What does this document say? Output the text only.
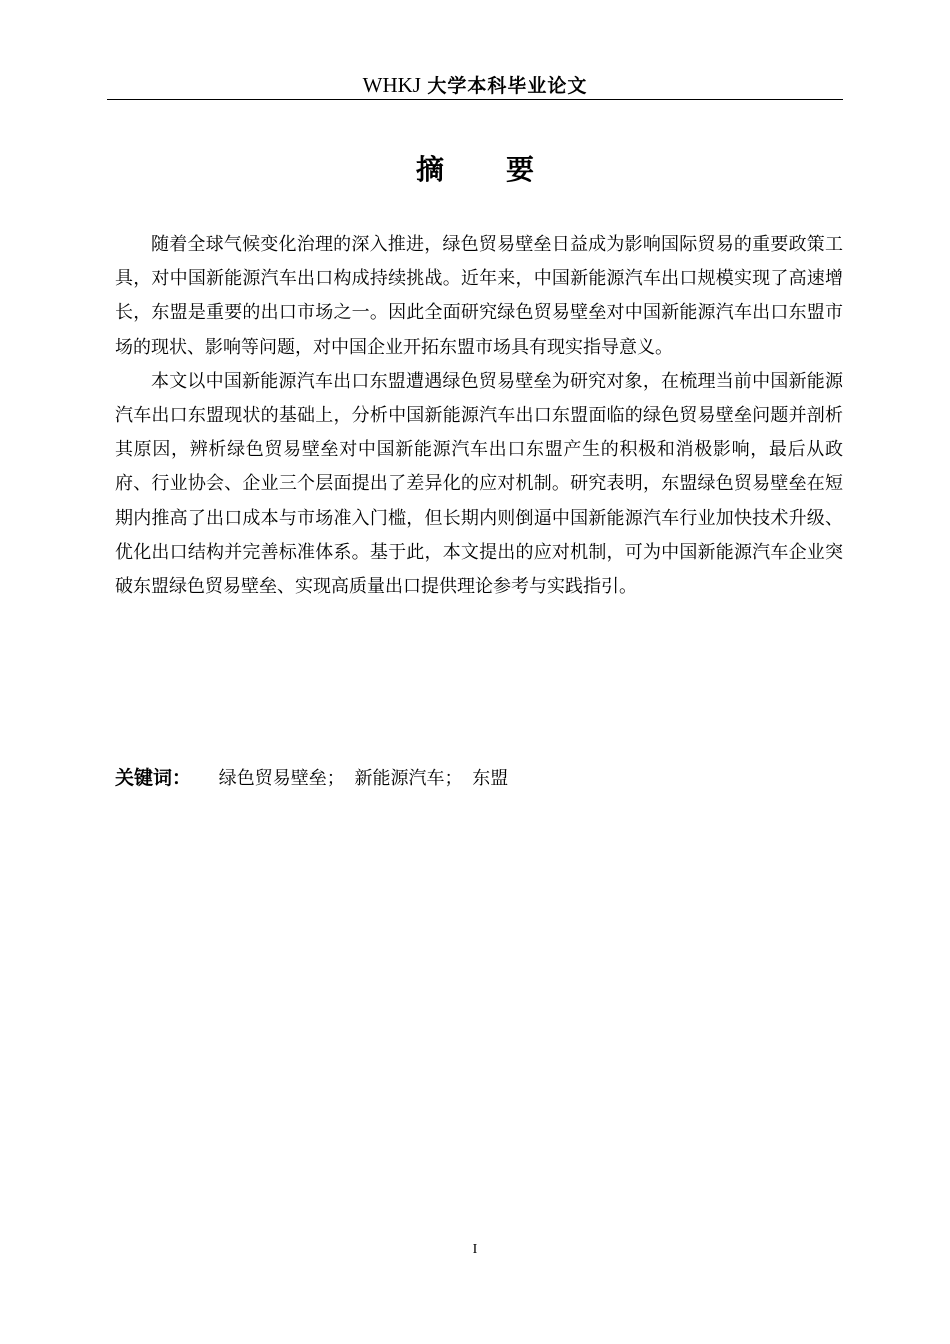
WHKJ 大学本科毕业论文
摘要

随着全球气候变化治理的深入推进，绿色贸易壁垒日益成为影响国际贸易的重要政策工具，对中国新能源汽车出口构成持续挑战。近年来，中国新能源汽车出口规模实现了高速增长，东盟是重要的出口市场之一。因此全面研究绿色贸易壁垒对中国新能源汽车出口东盟市场的现状、影响等问题，对中国企业开拓东盟市场具有现实指导意义。

本文以中国新能源汽车出口东盟遭遇绿色贸易壁垒为研究对象，在梳理当前中国新能源汽车出口东盟现状的基础上，分析中国新能源汽车出口东盟面临的绿色贸易壁垒问题并剖析其原因，辨析绿色贸易壁垒对中国新能源汽车出口东盟产生的积极和消极影响，最后从政府、行业协会、企业三个层面提出了差异化的应对机制。研究表明，东盟绿色贸易壁垒在短期内推高了出口成本与市场准入门槛，但长期内则倒逼中国新能源汽车行业加快技术升级、优化出口结构并完善标准体系。基于此，本文提出的应对机制，可为中国新能源汽车企业突破东盟绿色贸易壁垒、实现高质量出口提供理论参考与实践指引。

关键词： 绿色贸易壁垒； 新能源汽车； 东盟
I
